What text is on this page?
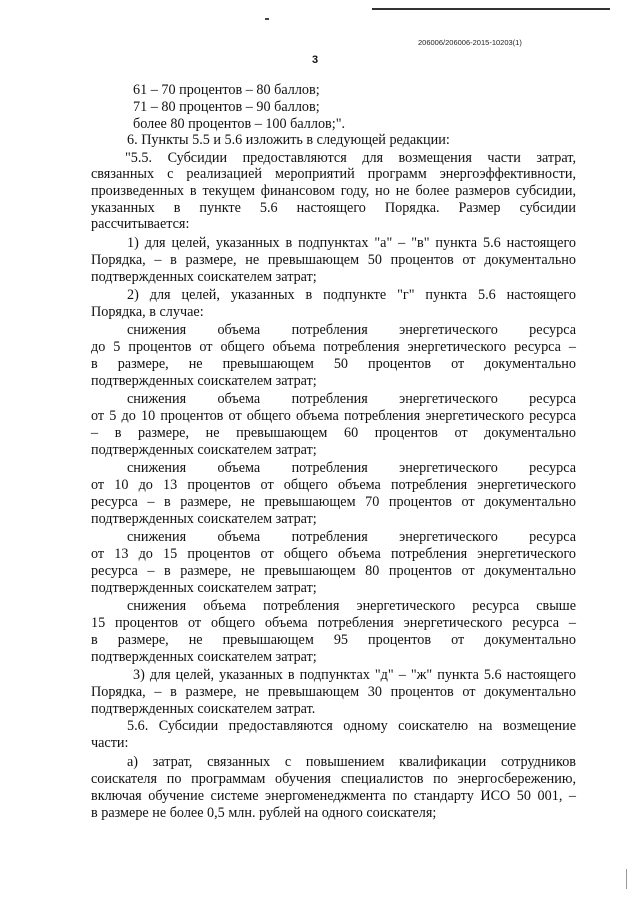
206006/206006-2015-10203(1)
3
61 – 70 процентов – 80 баллов;
71 – 80 процентов – 90 баллов;
более 80 процентов – 100 баллов;".
6. Пункты 5.5 и 5.6 изложить в следующей редакции:
"5.5. Субсидии предоставляются для возмещения части затрат,
связанных с реализацией мероприятий программ энергоэффективности,
произведенных в текущем финансовом году, но не более размеров субсидии,
указанных в пункте 5.6 настоящего Порядка. Размер субсидии
рассчитывается:
1) для целей, указанных в подпунктах "а" – "в" пункта 5.6 настоящего
Порядка, – в размере, не превышающем 50 процентов от документально
подтвержденных соискателем затрат;
2) для целей, указанных в подпункте "г" пункта 5.6 настоящего
Порядка, в случае:
снижения объема потребления энергетического ресурса
до 5 процентов от общего объема потребления энергетического ресурса –
в размере, не превышающем 50 процентов от документально
подтвержденных соискателем затрат;
снижения объема потребления энергетического ресурса
от 5 до 10 процентов от общего объема потребления энергетического ресурса
– в размере, не превышающем 60 процентов от документально
подтвержденных соискателем затрат;
снижения объема потребления энергетического ресурса
от 10 до 13 процентов от общего объема потребления энергетического
ресурса – в размере, не превышающем 70 процентов от документально
подтвержденных соискателем затрат;
снижения объема потребления энергетического ресурса
от 13 до 15 процентов от общего объема потребления энергетического
ресурса – в размере, не превышающем 80 процентов от документально
подтвержденных соискателем затрат;
снижения объема потребления энергетического ресурса свыше
15 процентов от общего объема потребления энергетического ресурса –
в размере, не превышающем 95 процентов от документально
подтвержденных соискателем затрат;
3) для целей, указанных в подпунктах "д" – "ж" пункта 5.6 настоящего
Порядка, – в размере, не превышающем 30 процентов от документально
подтвержденных соискателем затрат.
5.6. Субсидии предоставляются одному соискателю на возмещение
части:
а) затрат, связанных с повышением квалификации сотрудников
соискателя по программам обучения специалистов по энергосбережению,
включая обучение системе энергоменеджмента по стандарту ИСО 50 001, –
в размере не более 0,5 млн. рублей на одного соискателя;
